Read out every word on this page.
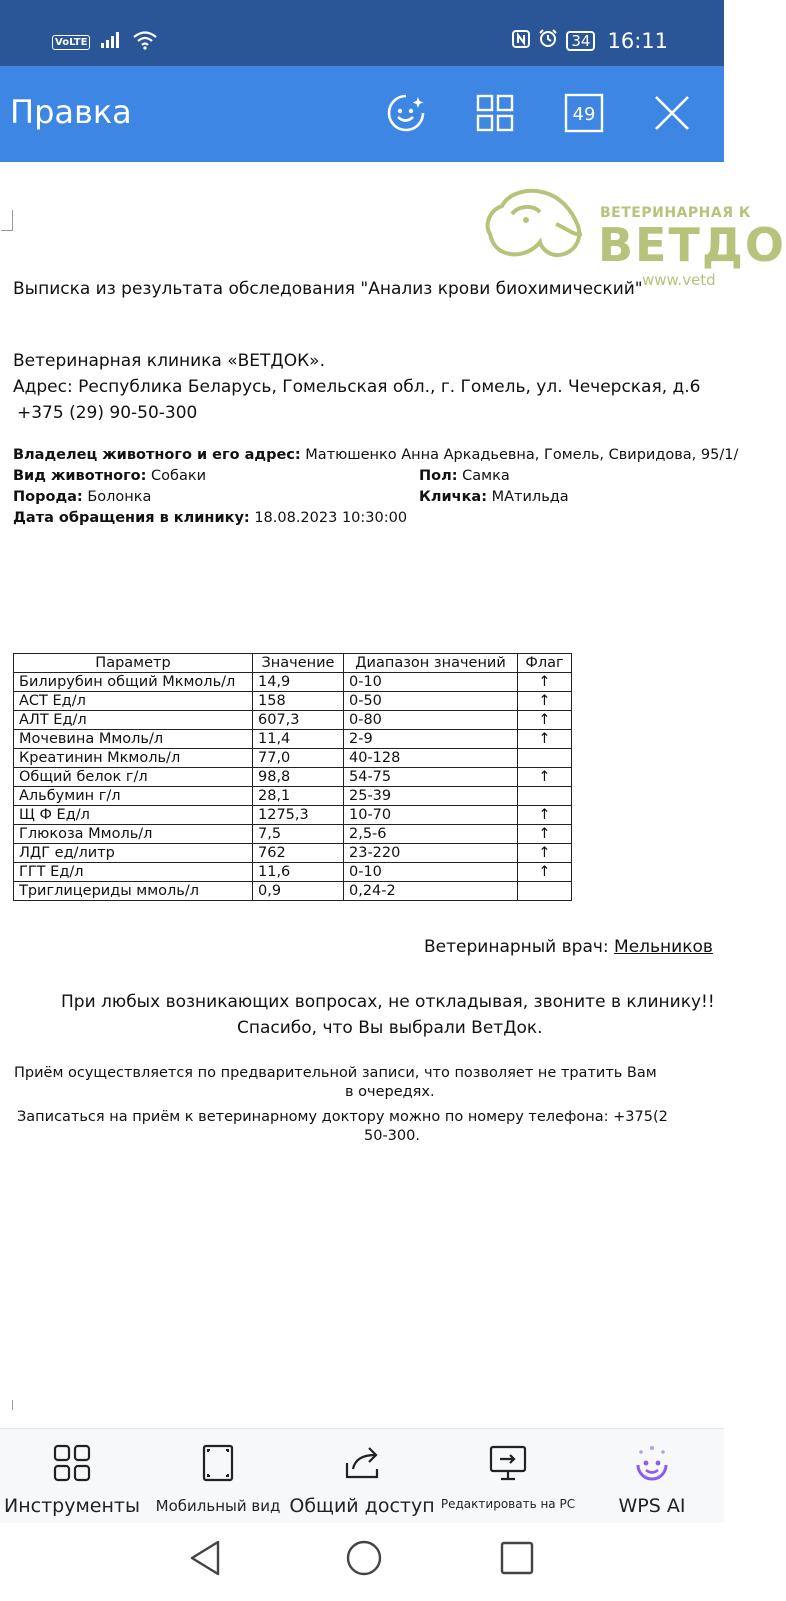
VoLTE	34 16:11
Правка	49
ВЕТЕРИНАРНАЯ К
ВЕТДО
www.vetd
Выписка из результата обследования "Анализ крови биохимический"
Ветеринарная клиника «ВЕТДОК».
Адрес: Республика Беларусь, Гомельская обл., г. Гомель, ул. Чечерская, д.6
+375 (29) 90-50-300
Владелец животного и его адрес: Матюшенко Анна Аркадьевна, Гомель, Свиридова, 95/1/
Вид животного: Собаки	Пол: Самка
Порода: Болонка	Кличка: МАтильда
Дата обращения в клинику: 18.08.2023 10:30:00
Параметр	Значение	Диапазон значений	Флаг
Билирубин общий Мкмоль/л	14,9	0-10	↑
АСТ Ед/л	158	0-50	↑
АЛТ Ед/л	607,3	0-80	↑
Мочевина Ммоль/л	11,4	2-9	↑
Креатинин Мкмоль/л	77,0	40-128	
Общий белок г/л	98,8	54-75	↑
Альбумин г/л	28,1	25-39	
Щ Ф Ед/л	1275,3	10-70	↑
Глюкоза Ммоль/л	7,5	2,5-6	↑
ЛДГ ед/литр	762	23-220	↑
ГГТ Ед/л	11,6	0-10	↑
Триглицериды ммоль/л	0,9	0,24-2	
Ветеринарный врач: Мельников
При любых возникающих вопросах, не откладывая, звоните в клинику!!
Спасибо, что Вы выбрали ВетДок.
Приём осуществляется по предварительной записи, что позволяет не тратить Вам
в очередях.
Записаться на приём к ветеринарному доктору можно по номеру телефона: +375(2
50-300.
Инструменты Мобильный вид Общий доступ Редактировать на PC WPS AI
